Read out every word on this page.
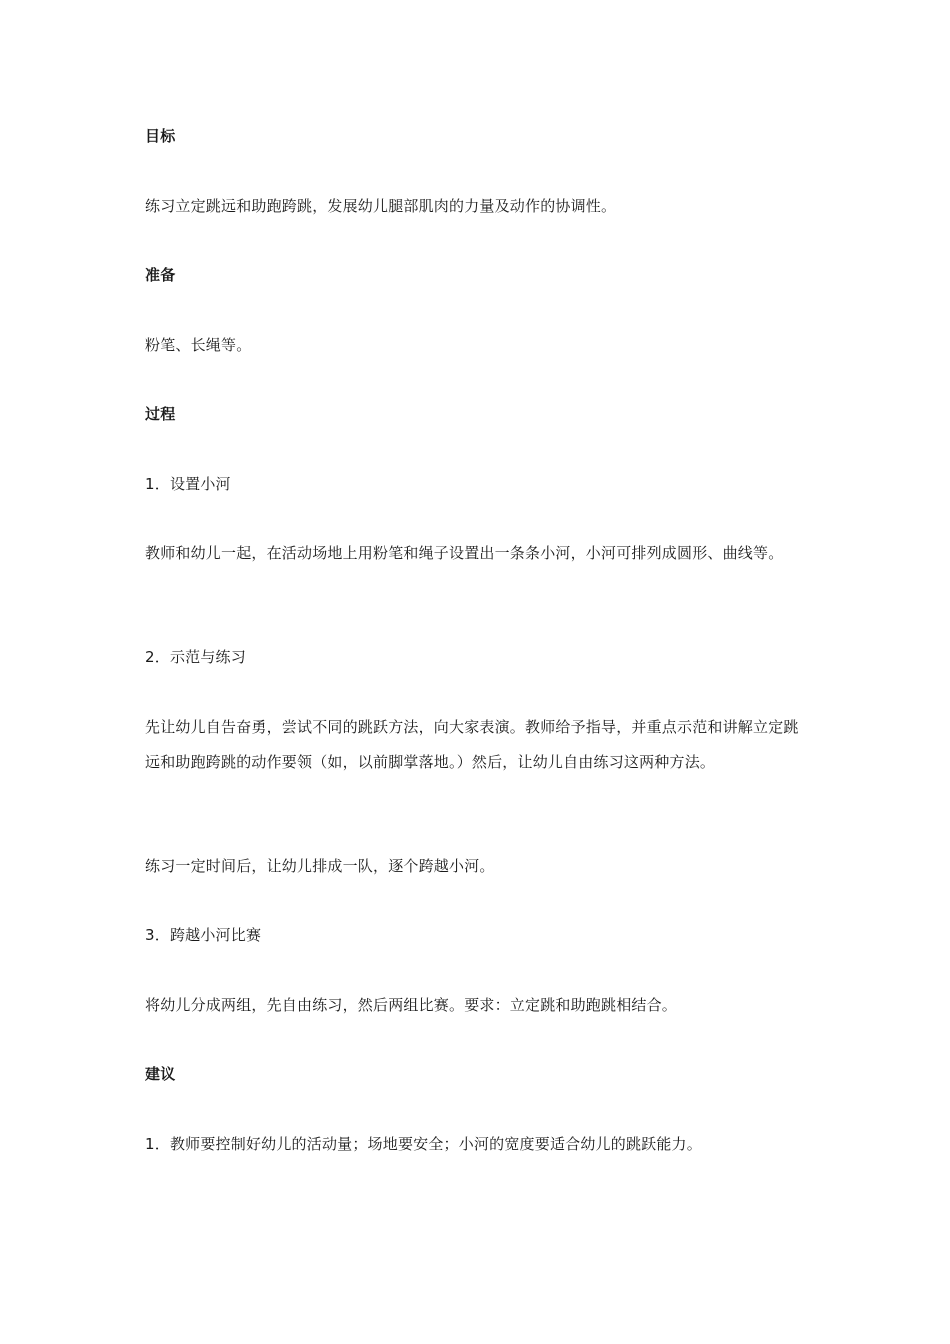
目标
练习立定跳远和助跑跨跳，发展幼儿腿部肌肉的力量及动作的协调性。
准备
粉笔、长绳等。
过程
1．设置小河
教师和幼儿一起，在活动场地上用粉笔和绳子设置出一条条小河，小河可排列成圆形、曲线等。
2．示范与练习
先让幼儿自告奋勇，尝试不同的跳跃方法，向大家表演。教师给予指导，并重点示范和讲解立定跳远和助跑跨跳的动作要领（如，以前脚掌落地。）然后，让幼儿自由练习这两种方法。
练习一定时间后，让幼儿排成一队，逐个跨越小河。
3．跨越小河比赛
将幼儿分成两组，先自由练习，然后两组比赛。要求：立定跳和助跑跳相结合。
建议
1．教师要控制好幼儿的活动量；场地要安全；小河的宽度要适合幼儿的跳跃能力。
